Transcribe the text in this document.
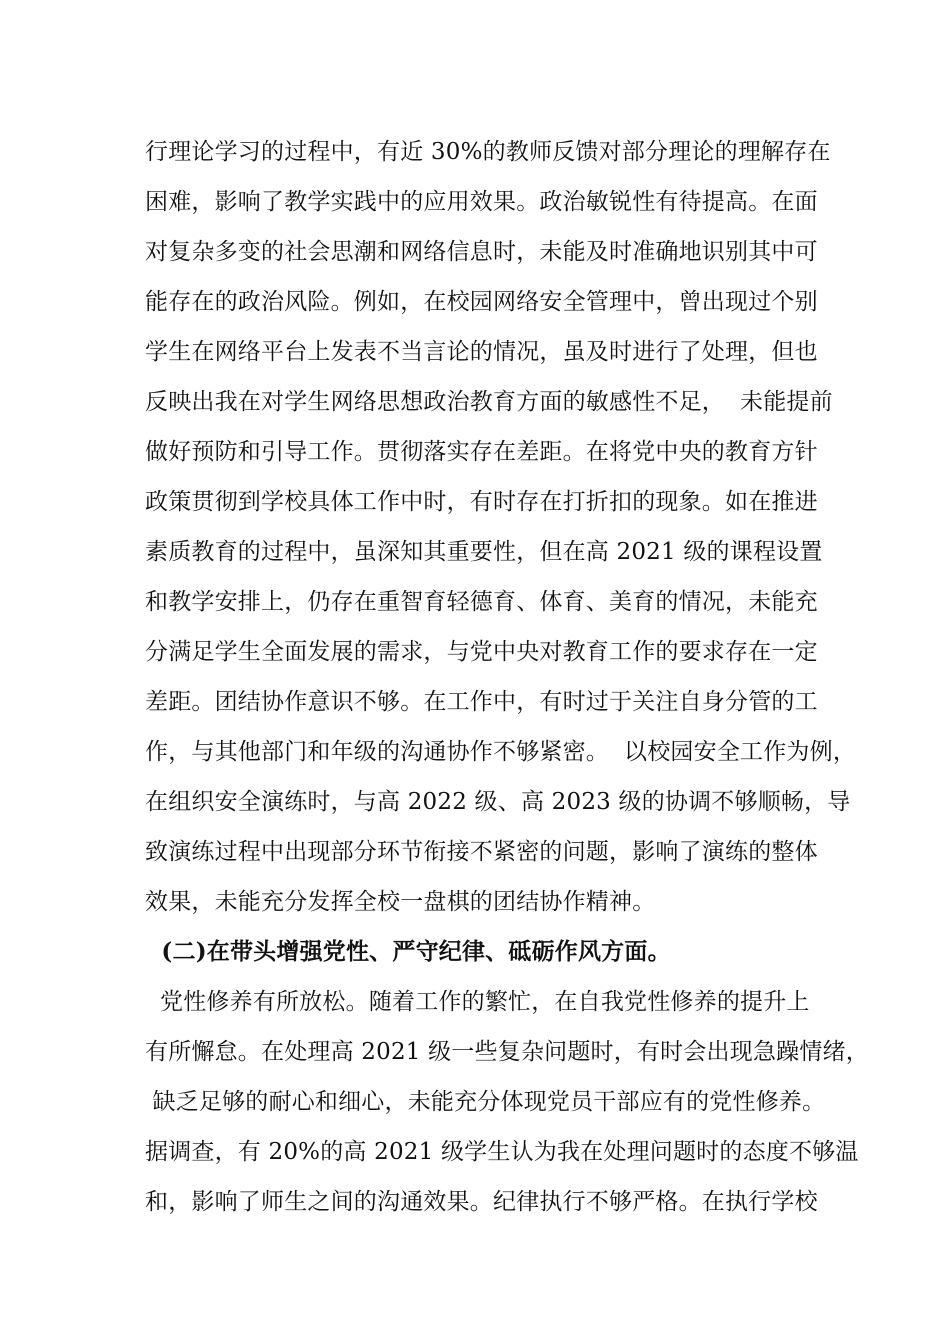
行理论学习的过程中，有近 30%的教师反馈对部分理论的理解存在
困难，影响了教学实践中的应用效果。政治敏锐性有待提高。在面
对复杂多变的社会思潮和网络信息时，未能及时准确地识别其中可
能存在的政治风险。例如，在校园网络安全管理中，曾出现过个别
学生在网络平台上发表不当言论的情况，虽及时进行了处理，但也
反映出我在对学生网络思想政治教育方面的敏感性不足，  未能提前
做好预防和引导工作。贯彻落实存在差距。在将党中央的教育方针
政策贯彻到学校具体工作中时，有时存在打折扣的现象。如在推进
素质教育的过程中，虽深知其重要性，但在高 2021 级的课程设置
和教学安排上，仍存在重智育轻德育、体育、美育的情况，未能充
分满足学生全面发展的需求，与党中央对教育工作的要求存在一定
差距。团结协作意识不够。在工作中，有时过于关注自身分管的工
作，与其他部门和年级的沟通协作不够紧密。  以校园安全工作为例，
在组织安全演练时，与高 2022 级、高 2023 级的协调不够顺畅，导
致演练过程中出现部分环节衔接不紧密的问题，影响了演练的整体
效果，未能充分发挥全校一盘棋的团结协作精神。
(二)在带头增强党性、严守纪律、砥砺作风方面。
党性修养有所放松。随着工作的繁忙，在自我党性修养的提升上
有所懈怠。在处理高 2021 级一些复杂问题时，有时会出现急躁情绪，
缺乏足够的耐心和细心，未能充分体现党员干部应有的党性修养。
据调查，有 20%的高 2021 级学生认为我在处理问题时的态度不够温
和，影响了师生之间的沟通效果。纪律执行不够严格。在执行学校
